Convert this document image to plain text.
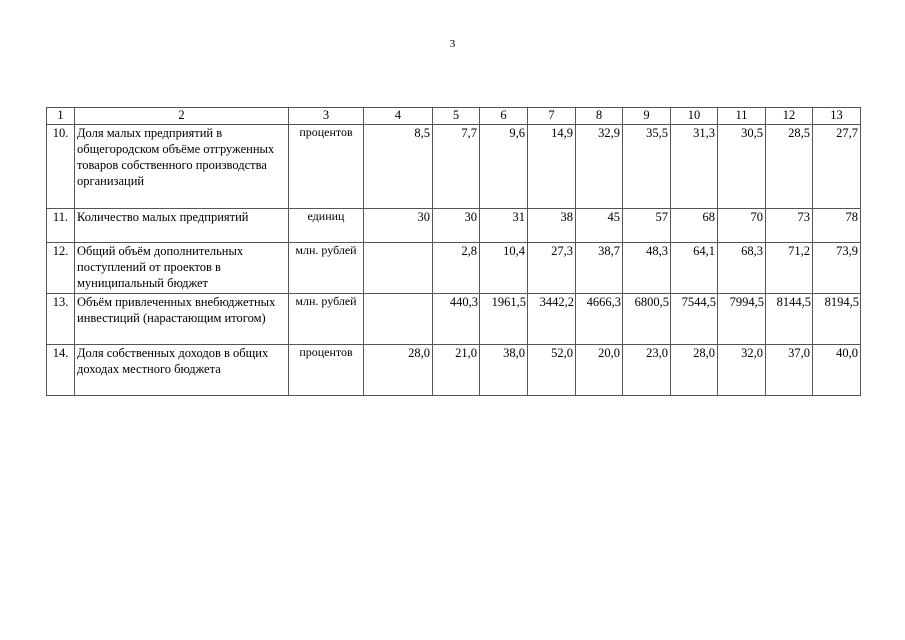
3
1	2	3	4	5	6	7	8	9	10	11	12	13
10.	Доля малых предприятий в общегородском объёме отгруженных товаров собственного производства организаций	процентов	8,5	7,7	9,6	14,9	32,9	35,5	31,3	30,5	28,5	27,7
11.	Количество малых предприятий	единиц	30	30	31	38	45	57	68	70	73	78
12.	Общий объём дополнительных поступлений от проектов в муниципальный бюджет	млн. рублей		2,8	10,4	27,3	38,7	48,3	64,1	68,3	71,2	73,9
13.	Объём привлеченных внебюджетных инвестиций (нарастающим итогом)	млн. рублей		440,3	1961,5	3442,2	4666,3	6800,5	7544,5	7994,5	8144,5	8194,5
14.	Доля собственных доходов в общих доходах местного бюджета	процентов	28,0	21,0	38,0	52,0	20,0	23,0	28,0	32,0	37,0	40,0
